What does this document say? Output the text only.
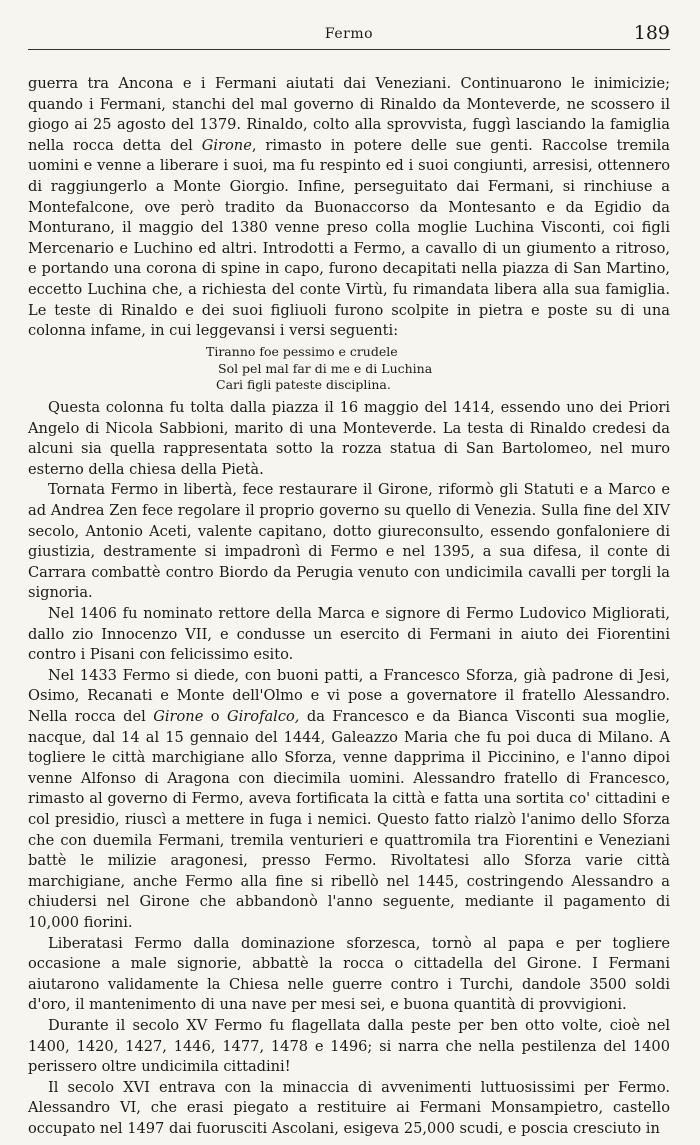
Fermo	189

guerra tra Ancona e i Fermani aiutati dai Veneziani. Continuarono le inimicizie; quando i Fermani, stanchi del mal governo di Rinaldo da Monteverde, ne scossero il giogo ai 25 agosto del 1379. Rinaldo, colto alla sprovvista, fuggì lasciando la famiglia nella rocca detta del Girone, rimasto in potere delle sue genti. Raccolse tremila uomini e venne a liberare i suoi, ma fu respinto ed i suoi congiunti, arresisi, ottennero di raggiungerlo a Monte Giorgio. Infine, perseguitato dai Fermani, si rinchiuse a Montefalcone, ove però tradito da Buonaccorso da Montesanto e da Egidio da Monturano, il maggio del 1380 venne preso colla moglie Luchina Visconti, coi figli Mercenario e Luchino ed altri. Introdotti a Fermo, a cavallo di un giumento a ritroso, e portando una corona di spine in capo, furono decapitati nella piazza di San Martino, eccetto Luchina che, a richiesta del conte Virtù, fu rimandata libera alla sua famiglia. Le teste di Rinaldo e dei suoi figliuoli furono scolpite in pietra e poste su di una colonna infame, in cui leggevansi i versi seguenti:

Tiranno foe pessimo e crudele
Sol pel mal far di me e di Luchina
Cari figli pateste disciplina.

Questa colonna fu tolta dalla piazza il 16 maggio del 1414, essendo uno dei Priori Angelo di Nicola Sabbioni, marito di una Monteverde. La testa di Rinaldo credesi da alcuni sia quella rappresentata sotto la rozza statua di San Bartolomeo, nel muro esterno della chiesa della Pietà.

Tornata Fermo in libertà, fece restaurare il Girone, riformò gli Statuti e a Marco e ad Andrea Zen fece regolare il proprio governo su quello di Venezia. Sulla fine del XIV secolo, Antonio Aceti, valente capitano, dotto giureconsulto, essendo gonfaloniere di giustizia, destramente si impadronì di Fermo e nel 1395, a sua difesa, il conte di Carrara combattè contro Biordo da Perugia venuto con undicimila cavalli per torgli la signoria.

Nel 1406 fu nominato rettore della Marca e signore di Fermo Ludovico Migliorati, dallo zio Innocenzo VII, e condusse un esercito di Fermani in aiuto dei Fiorentini contro i Pisani con felicissimo esito.

Nel 1433 Fermo si diede, con buoni patti, a Francesco Sforza, già padrone di Jesi, Osimo, Recanati e Monte dell'Olmo e vi pose a governatore il fratello Alessandro. Nella rocca del Girone o Girofalco, da Francesco e da Bianca Visconti sua moglie, nacque, dal 14 al 15 gennaio del 1444, Galeazzo Maria che fu poi duca di Milano. A togliere le città marchigiane allo Sforza, venne dapprima il Piccinino, e l'anno dipoi venne Alfonso di Aragona con diecimila uomini. Alessandro fratello di Francesco, rimasto al governo di Fermo, aveva fortificata la città e fatta una sortita co' cittadini e col presidio, riuscì a mettere in fuga i nemici. Questo fatto rialzò l'animo dello Sforza che con duemila Fermani, tremila venturieri e quattromila tra Fiorentini e Veneziani battè le milizie aragonesi, presso Fermo. Rivoltatesi allo Sforza varie città marchigiane, anche Fermo alla fine si ribellò nel 1445, costringendo Alessandro a chiudersi nel Girone che abbandonò l'anno seguente, mediante il pagamento di 10,000 fiorini.

Liberatasi Fermo dalla dominazione sforzesca, tornò al papa e per togliere occasione a male signorie, abbattè la rocca o cittadella del Girone. I Fermani aiutarono validamente la Chiesa nelle guerre contro i Turchi, dandole 3500 soldi d'oro, il mantenimento di una nave per mesi sei, e buona quantità di provvigioni.

Durante il secolo XV Fermo fu flagellata dalla peste per ben otto volte, cioè nel 1400, 1420, 1427, 1446, 1477, 1478 e 1496; si narra che nella pestilenza del 1400 perissero oltre undicimila cittadini!

Il secolo XVI entrava con la minaccia di avvenimenti luttuosissimi per Fermo. Alessandro VI, che erasi piegato a restituire ai Fermani Monsampietro, castello occupato nel 1497 dai fuorusciti Ascolani, esigeva 25,000 scudi, e poscia cresciuto in
